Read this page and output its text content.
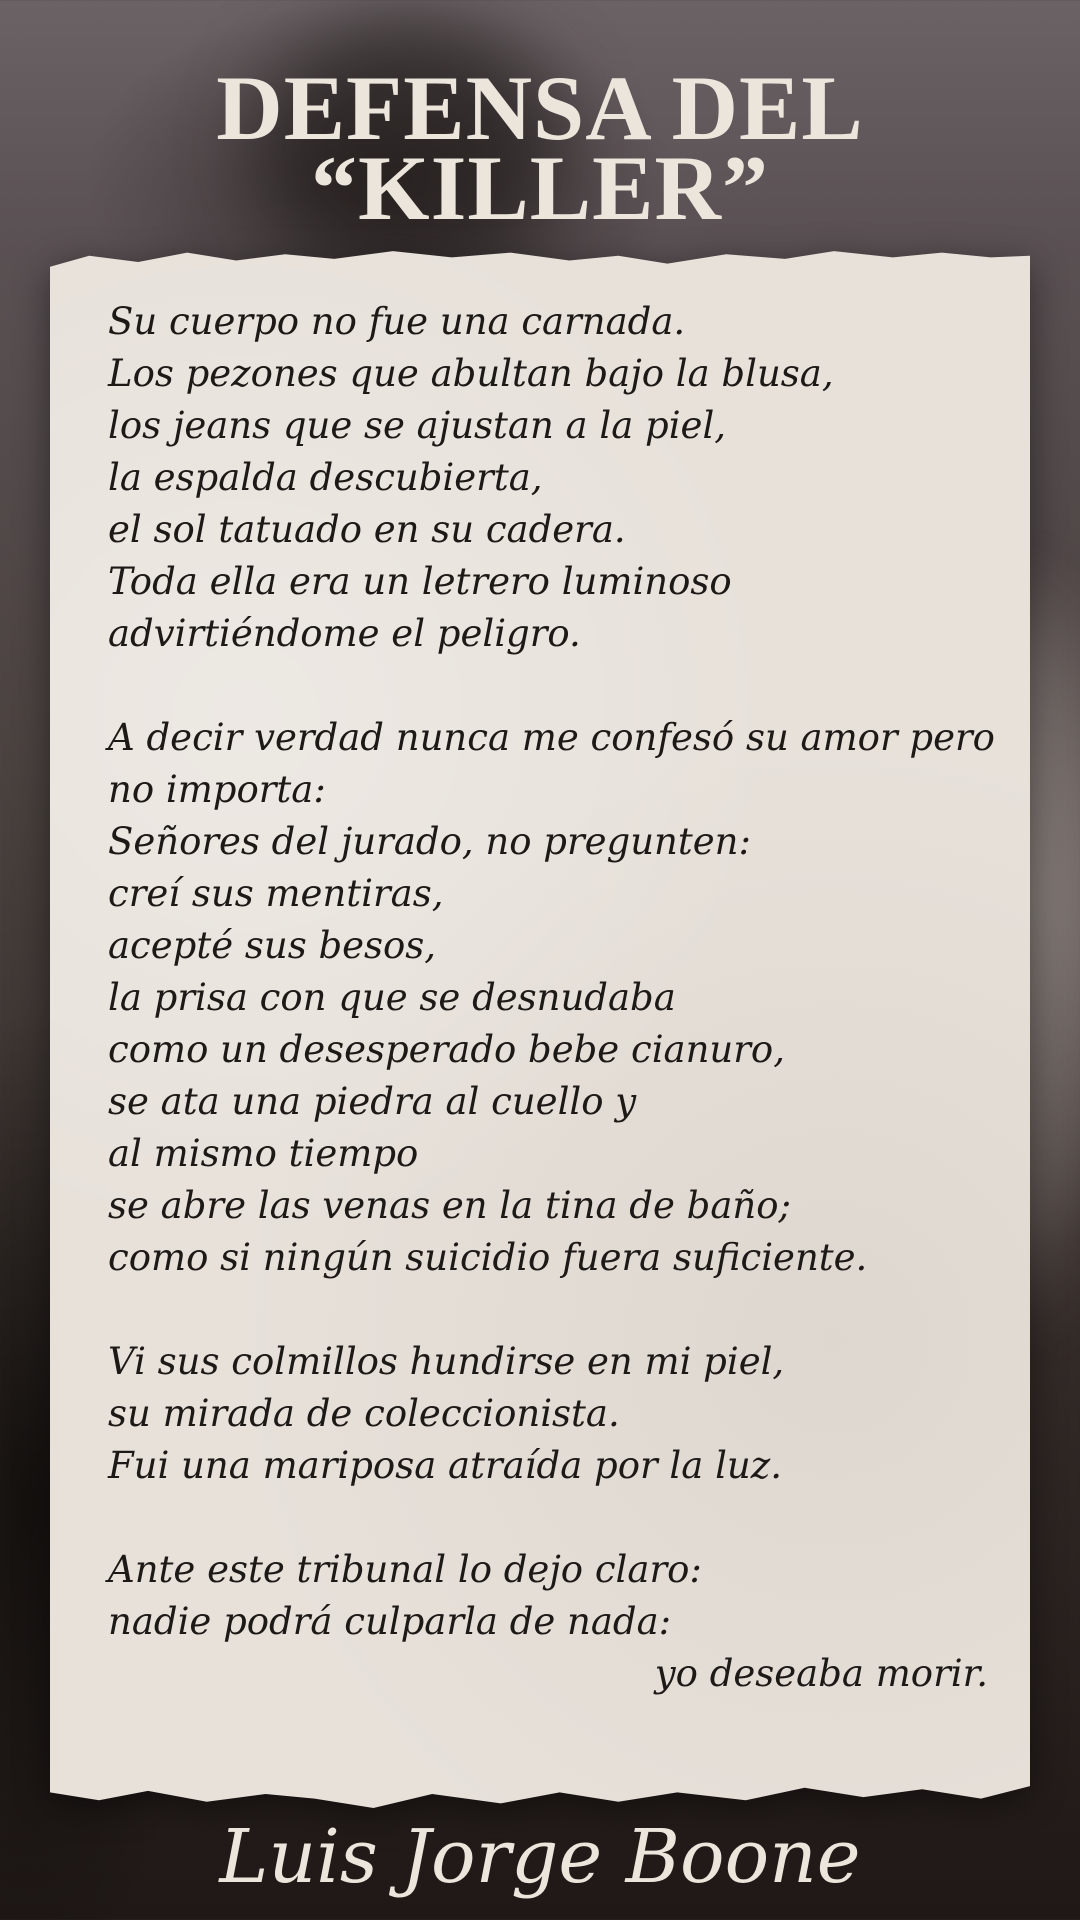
DEFENSA DEL
“KILLER”
Su cuerpo no fue una carnada.
Los pezones que abultan bajo la blusa,
los jeans que se ajustan a la piel,
la espalda descubierta,
el sol tatuado en su cadera.
Toda ella era un letrero luminoso
advirtiéndome el peligro.
A decir verdad nunca me confesó su amor pero
no importa:
Señores del jurado, no pregunten:
creí sus mentiras,
acepté sus besos,
la prisa con que se desnudaba
como un desesperado bebe cianuro,
se ata una piedra al cuello y
al mismo tiempo
se abre las venas en la tina de baño;
como si ningún suicidio fuera suficiente.
Vi sus colmillos hundirse en mi piel,
su mirada de coleccionista.
Fui una mariposa atraída por la luz.
Ante este tribunal lo dejo claro:
nadie podrá culparla de nada:
yo deseaba morir.
Luis Jorge Boone
